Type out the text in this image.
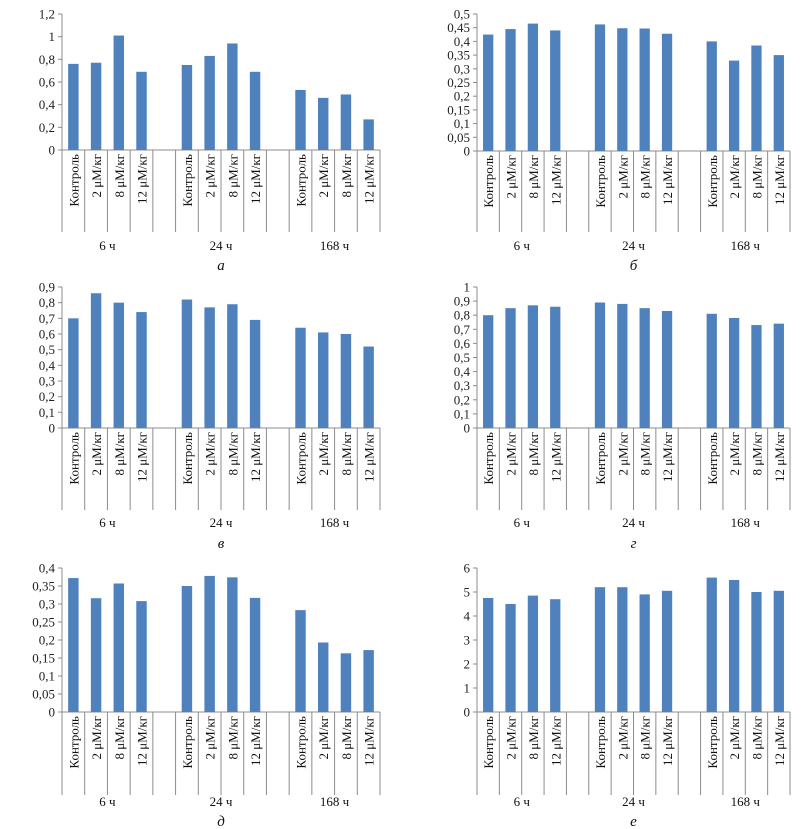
0
0,2
0,4
0,6
0,8
1
1,2
Контроль 2 μM/кг 8 μM/кг 12 μM/кг
6 ч
Контроль 2 μM/кг 8 μM/кг 12 μM/кг
24 ч
Контроль 2 μM/кг 8 μM/кг 12 μM/кг
168 ч
а
0
0,05
0,1
0,15
0,2
0,25
0,3
0,35
0,4
0,45
0,5
Контроль 2 μM/кг 8 μM/кг 12 μM/кг
6 ч
Контроль 2 μM/кг 8 μM/кг 12 μM/кг
24 ч
Контроль 2 μM/кг 8 μM/кг 12 μM/кг
168 ч
б
0
0,1
0,2
0,3
0,4
0,5
0,6
0,7
0,8
0,9
Контроль 2 μM/кг 8 μM/кг 12 μM/кг
6 ч
Контроль 2 μM/кг 8 μM/кг 12 μM/кг
24 ч
Контроль 2 μM/кг 8 μM/кг 12 μM/кг
168 ч
в
0
0,1
0,2
0,3
0,4
0,5
0,6
0,7
0,8
0,9
1
Контроль 2 μM/кг 8 μM/кг 12 μM/кг
6 ч
Контроль 2 μM/кг 8 μM/кг 12 μM/кг
24 ч
Контроль 2 μM/кг 8 μM/кг 12 μM/кг
168 ч
г
0
0,05
0,1
0,15
0,2
0,25
0,3
0,35
0,4
Контроль 2 μM/кг 8 μM/кг 12 μM/кг
6 ч
Контроль 2 μM/кг 8 μM/кг 12 μM/кг
24 ч
Контроль 2 μM/кг 8 μM/кг 12 μM/кг
168 ч
д
0
1
2
3
4
5
6
Контроль 2 μM/кг 8 μM/кг 12 μM/кг
6 ч
Контроль 2 μM/кг 8 μM/кг 12 μM/кг
24 ч
Контроль 2 μM/кг 8 μM/кг 12 μM/кг
168 ч
е
